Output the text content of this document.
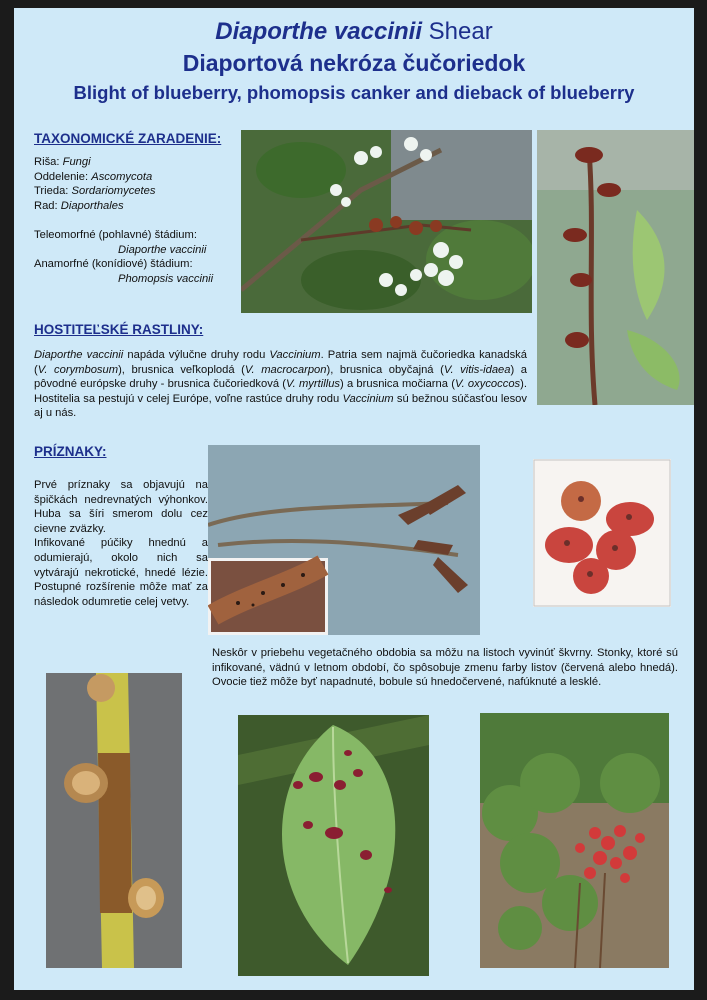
Diaporthe vaccinii Shear
Diaportová nekróza čučoriedok
Blight of blueberry, phomopsis canker and dieback of blueberry
TAXONOMICKÉ ZARADENIE:
Riša: Fungi
Oddelenie: Ascomycota
Trieda: Sordariomycetes
Rad: Diaporthales
Teleomorfné (pohlavné) štádium:
Diaporthe vaccinii
Anamorfné (konídiové) štádium:
Phomopsis vaccinii
HOSTITEĽSKÉ RASTLINY:
Diaporthe vaccinii napáda výlučne druhy rodu Vaccinium. Patria sem najmä čučoriedka kanadská (V. corymbosum), brusnica veľkoplodá (V. macrocarpon), brusnica obyčajná (V. vitis-idaea) a pôvodné európske druhy - brusnica čučoriedková (V. myrtillus) a brusnica močiarna (V. oxycoccos). Hostitelia sa pestujú v celej Európe, voľne rastúce druhy rodu Vaccinium sú bežnou súčasťou lesov aj u nás.
PRÍZNAKY:
Prvé príznaky sa objavujú na špičkách nedrevnatých výhonkov. Huba sa šíri smerom dolu cez cievne zväzky.
Infikované púčiky hnednú a odumierajú, okolo nich sa vytvárajú nekrotické, hnedé lézie. Postupné rozšírenie môže mať za následok odumretie celej vetvy.
Neskôr v priebehu vegetačného obdobia sa môžu na listoch vyvinúť škvrny. Stonky, ktoré sú infikované, vädnú v letnom období, čo spôsobuje zmenu farby listov (červená alebo hnedá). Ovocie tiež môže byť napadnuté, bobule sú hnedočervené, nafúknuté a lesklé.
